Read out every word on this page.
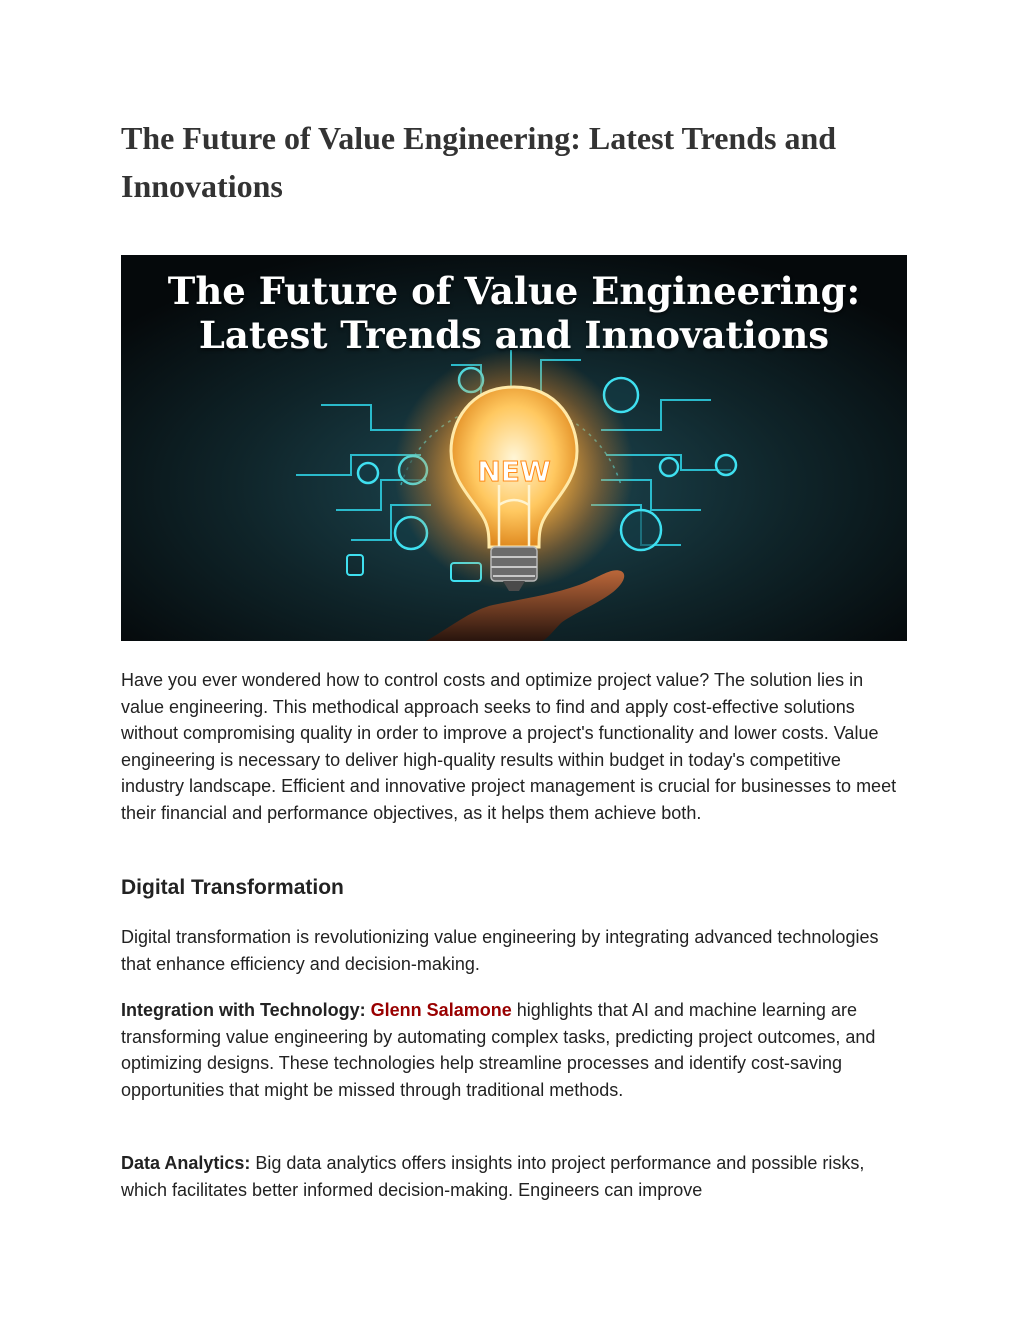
The Future of Value Engineering: Latest Trends and Innovations
NEW
The Future of Value Engineering:
Latest Trends and Innovations

Have you ever wondered how to control costs and optimize project value? The solution lies in value engineering. This methodical approach seeks to find and apply cost-effective solutions without compromising quality in order to improve a project's functionality and lower costs. Value engineering is necessary to deliver high-quality results within budget in today's competitive industry landscape. Efficient and innovative project management is crucial for businesses to meet their financial and performance objectives, as it helps them achieve both.

Digital Transformation

Digital transformation is revolutionizing value engineering by integrating advanced technologies that enhance efficiency and decision-making.

Integration with Technology: Glenn Salamone highlights that AI and machine learning are transforming value engineering by automating complex tasks, predicting project outcomes, and optimizing designs. These technologies help streamline processes and identify cost-saving opportunities that might be missed through traditional methods.

Data Analytics: Big data analytics offers insights into project performance and possible risks, which facilitates better informed decision-making. Engineers can improve
